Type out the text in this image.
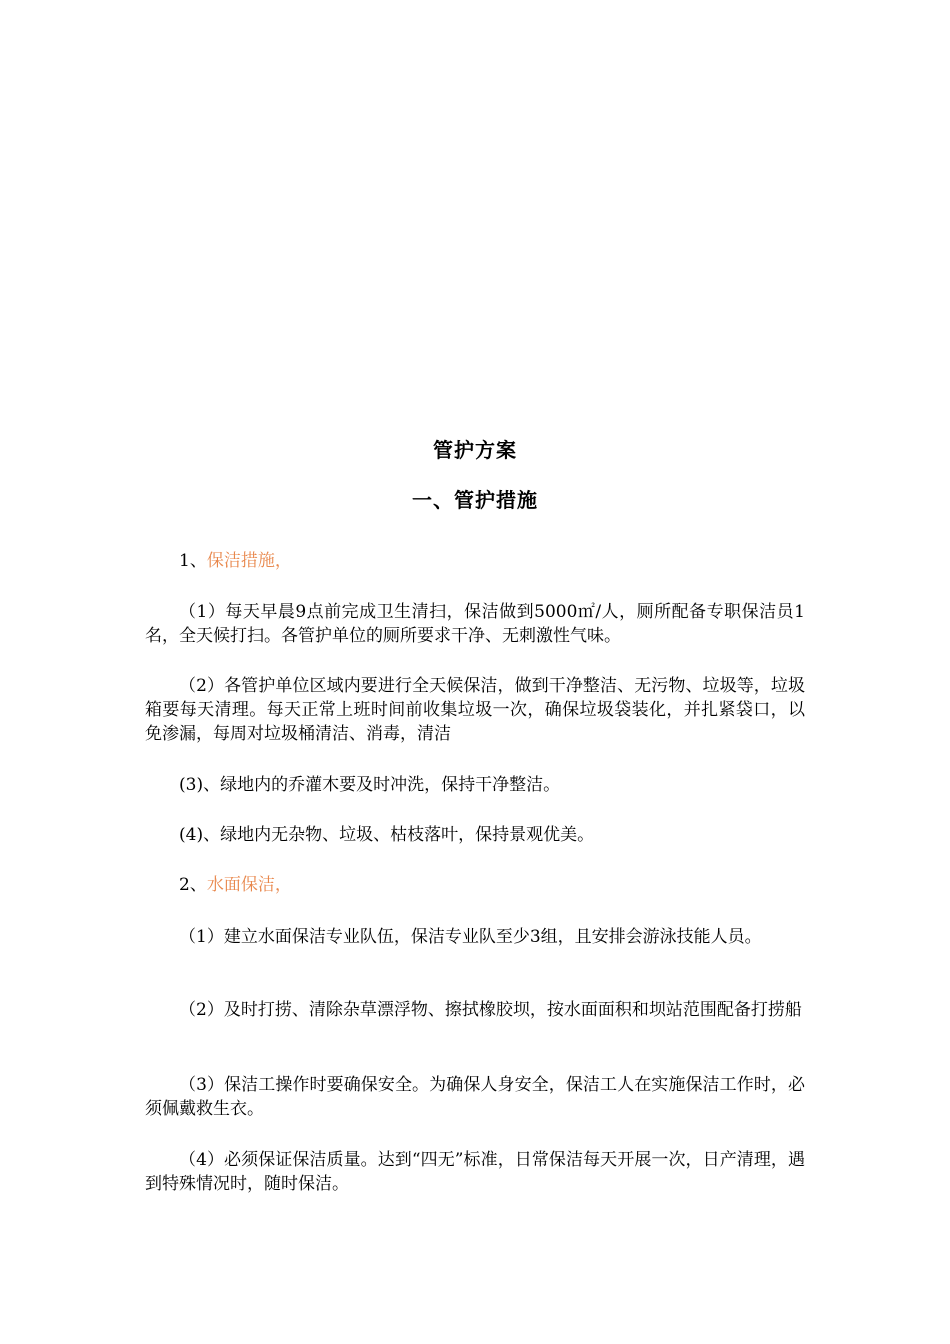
管护方案
一、管护措施
1、保洁措施，
（1）每天早晨9点前完成卫生清扫，保洁做到5000㎡/人，厕所配备专职保洁员1名，全天候打扫。各管护单位的厕所要求干净、无刺激性气味。
（2）各管护单位区域内要进行全天候保洁，做到干净整洁、无污物、垃圾等，垃圾箱要每天清理。每天正常上班时间前收集垃圾一次，确保垃圾袋装化，并扎紧袋口，以免渗漏，每周对垃圾桶清洁、消毒，清洁
(3)、绿地内的乔灌木要及时冲洗，保持干净整洁。
(4)、绿地内无杂物、垃圾、枯枝落叶，保持景观优美。
2、水面保洁，
（1）建立水面保洁专业队伍，保洁专业队至少3组，且安排会游泳技能人员。
（2）及时打捞、清除杂草漂浮物、擦拭橡胶坝，按水面面积和坝站范围配备打捞船
（3）保洁工操作时要确保安全。为确保人身安全，保洁工人在实施保洁工作时，必须佩戴救生衣。
（4）必须保证保洁质量。达到“四无”标准，日常保洁每天开展一次，日产清理，遇到特殊情况时，随时保洁。
